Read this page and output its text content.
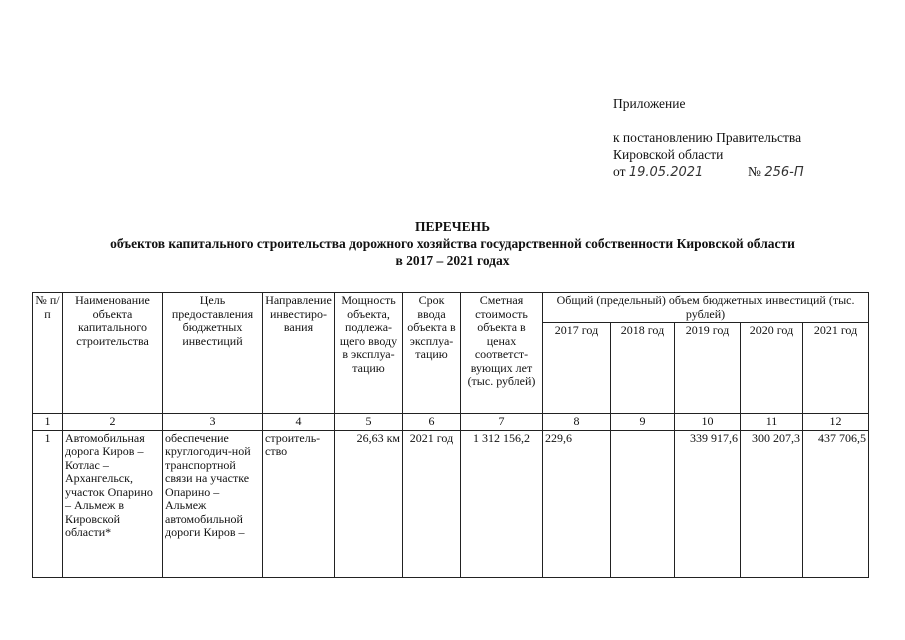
Приложение
к постановлению Правительства
Кировской области
от 19.05.2021	№ 256-П
ПЕРЕЧЕНЬ
объектов капитального строительства дорожного хозяйства государственной собственности Кировской области
в 2017 – 2021 годах
№ п/п	Наименование объекта капитального строительства	Цель предоставления бюджетных инвестиций	Направление инвестиро-вания	Мощность объекта, подлежа-щего вводу в эксплуа-тацию	Срок ввода объекта в эксплуа-тацию	Сметная стоимость объекта в ценах соответст-вующих лет (тыс. рублей)	Общий (предельный) объем бюджетных инвестиций (тыс. рублей)				
							2017 год	2018 год	2019 год	2020 год	2021 год
1	2	3	4	5	6	7	8	9	10	11	12
1	Автомобильная дорога Киров – Котлас – Архангельск, участок Опарино – Альмеж в Кировской области*	обеспечение круглогодич-ной транспортной связи на участке Опарино – Альмеж автомобильной дороги Киров –	строитель-ство	26,63 км	2021 год	1 312 156,2	229,6		339 917,6	300 207,3	437 706,5
